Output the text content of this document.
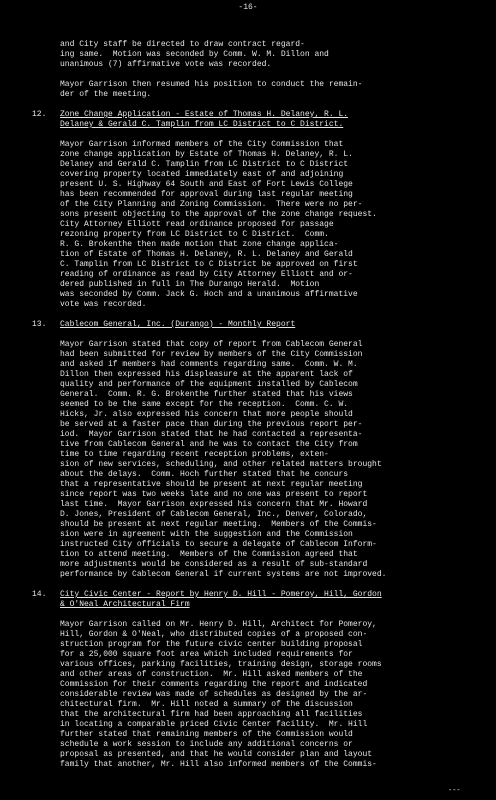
-16-

and City staff be directed to draw contract regard-

ing same.  Motion was seconded by Comm. W. M. Dillon and

unanimous (7) affirmative vote was recorded.

Mayor Garrison then resumed his position to conduct the remain-

der of the meeting.

12.	Zone Change Application - Estate of Thomas H. Delaney, R. L.
Delaney & Gerald C. Tamplin from LC District to C District.

Mayor Garrison informed members of the City Commission that

zone change application by Estate of Thomas H. Delaney, R. L.

Delaney and Gerald C. Tamplin from LC District to C District

covering property located immediately east of and adjoining

present U. S. Highway 64 South and East of Fort Lewis College

has been recommended for approval during last regular meeting

of the City Planning and Zoning Commission.  There were no per-

sons present objecting to the approval of the zone change request.

City Attorney Elliott read ordinance proposed for passage

rezoning property from LC District to C District.  Comm.

R. G. Brokenthe then made motion that zone change applica-

tion of Estate of Thomas H. Delaney, R. L. Delaney and Gerald

C. Tamplin from LC District to C District be approved on first

reading of ordinance as read by City Attorney Elliott and or-

dered published in full in The Durango Herald.  Motion

was seconded by Comm. Jack G. Hoch and a unanimous affirmative

vote was recorded.

13.	Cablecom General, Inc. (Durango) - Monthly Report

Mayor Garrison stated that copy of report from Cablecom General

had been submitted for review by members of the City Commission

and asked if members had comments regarding same.  Comm. W. M.

Dillon then expressed his displeasure at the apparent lack of

quality and performance of the equipment installed by Cablecom

General.  Comm. R. G. Brokenthe further stated that his views

seemed to be the same except for the reception.  Comm. C. W.

Hicks, Jr. also expressed his concern that more people should

be served at a faster pace than during the previous report per-

iod.  Mayor Garrison stated that he had contacted a representa-

tive from Cablecom General and he was to contact the City from

time to time regarding recent reception problems, exten-

sion of new services, scheduling, and other related matters brought

about the delays.  Comm. Hoch further stated that he concurs

that a representative should be present at next regular meeting

since report was two weeks late and no one was present to report

last time.  Mayor Garrison expressed his concern that Mr. Howard

D. Jones, President of Cablecom General, Inc., Denver, Colorado,

should be present at next regular meeting.  Members of the Commis-

sion were in agreement with the suggestion and the Commission

instructed City officials to secure a delegate of Cablecom Inform-

tion to attend meeting.  Members of the Commission agreed that

more adjustments would be considered as a result of sub-standard

performance by Cablecom General if current systems are not improved.

14.	City Civic Center - Report by Henry D. Hill - Pomeroy, Hill, Gordon
& O'Neal Architectural Firm

Mayor Garrison called on Mr. Henry D. Hill, Architect for Pomeroy,

Hill, Gordon & O'Neal, who distributed copies of a proposed con-

struction program for the future civic center building proposal

for a 25,000 square foot area which included requirements for

various offices, parking facilities, training design, storage rooms

and other areas of construction.  Mr. Hill asked members of the

Commission for their comments regarding the report and indicated

considerable review was made of schedules as designed by the ar-

chitectural firm.  Mr. Hill noted a summary of the discussion

that the architectural firm had been approaching all facilities

in locating a comparable priced Civic Center facility.  Mr. Hill

further stated that remaining members of the Commission would

schedule a work session to include any additional concerns or

proposal as presented, and that he would consider plan and layout

family that another, Mr. Hill also informed members of the Commis-

---
